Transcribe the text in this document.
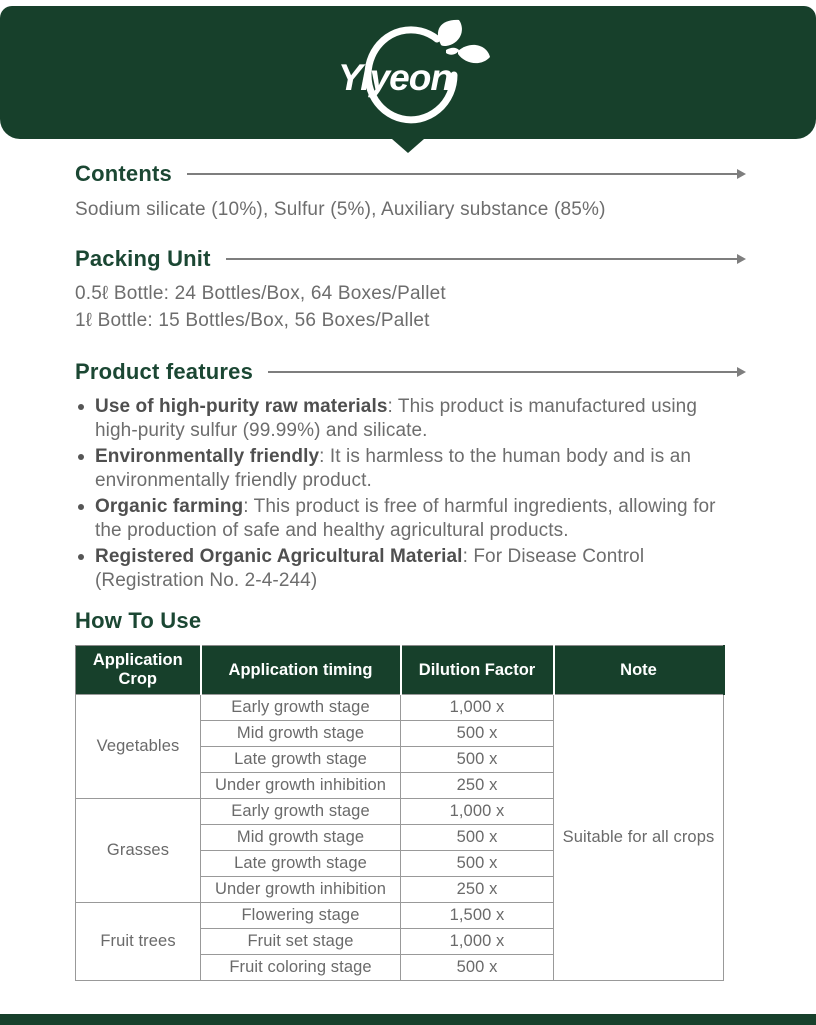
Yiyeon
Contents

Sodium silicate (10%), Sulfur (5%), Auxiliary substance (85%)

Packing Unit

0.5ℓ Bottle: 24 Bottles/Box, 64 Boxes/Pallet

1ℓ Bottle: 15 Bottles/Box, 56 Boxes/Pallet

Product features
Use of high-purity raw materials: This product is manufactured using high-purity sulfur (99.99%) and silicate.
Environmentally friendly: It is harmless to the human body and is an environmentally friendly product.
Organic farming: This product is free of harmful ingredients, allowing for the production of safe and healthy agricultural products.
Registered Organic Agricultural Material: For Disease Control (Registration No. 2-4-244)
How To Use
Application Crop	Application timing	Dilution Factor	Note
Vegetables	Early growth stage	1,000 x	Suitable for all crops
	Mid growth stage	500 x	
	Late growth stage	500 x	
	Under growth inhibition	250 x	
Grasses	Early growth stage	1,000 x	
	Mid growth stage	500 x	
	Late growth stage	500 x	
	Under growth inhibition	250 x	
Fruit trees	Flowering stage	1,500 x	
	Fruit set stage	1,000 x	
	Fruit coloring stage	500 x	
